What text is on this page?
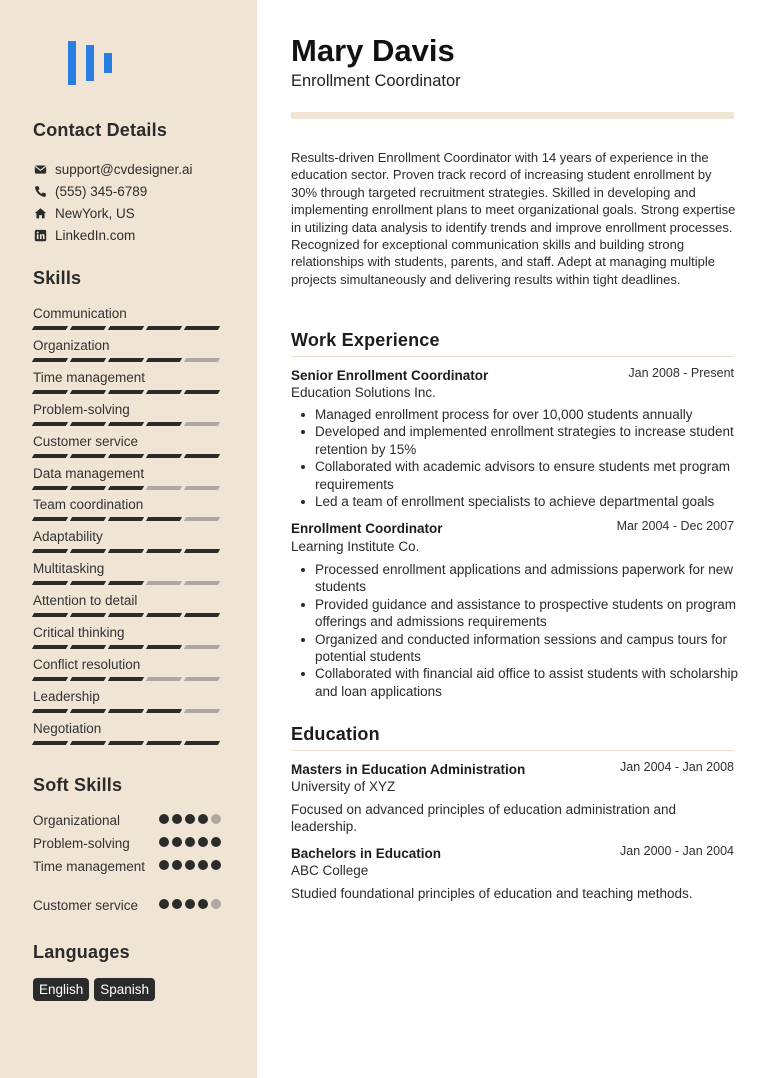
Contact Details
support@cvdesigner.ai
(555) 345-6789
NewYork, US
LinkedIn.com
Skills
Communication
Organization
Time management
Problem-solving
Customer service
Data management
Team coordination
Adaptability
Multitasking
Attention to detail
Critical thinking
Conflict resolution
Leadership
Negotiation
Soft Skills
Organizational
Problem-solving
Time management
Customer service
Languages
English	Spanish
Mary Davis
Enrollment Coordinator

Results-driven Enrollment Coordinator with 14 years of experience in the education sector. Proven track record of increasing student enrollment by 30% through targeted recruitment strategies. Skilled in developing and implementing enrollment plans to meet organizational goals. Strong expertise in utilizing data analysis to identify trends and improve enrollment processes. Recognized for exceptional communication skills and building strong relationships with students, parents, and staff. Adept at managing multiple projects simultaneously and delivering results within tight deadlines.

Work Experience
Senior Enrollment Coordinator	Jan 2008 - Present
Education Solutions Inc.
Managed enrollment process for over 10,000 students annually
Developed and implemented enrollment strategies to increase student retention by 15%
Collaborated with academic advisors to ensure students met program requirements
Led a team of enrollment specialists to achieve departmental goals
Enrollment Coordinator	Mar 2004 - Dec 2007
Learning Institute Co.
Processed enrollment applications and admissions paperwork for new students
Provided guidance and assistance to prospective students on program offerings and admissions requirements
Organized and conducted information sessions and campus tours for potential students
Collaborated with financial aid office to assist students with scholarship and loan applications
Education
Masters in Education Administration	Jan 2004 - Jan 2008
University of XYZ

Focused on advanced principles of education administration and leadership.

Bachelors in Education	Jan 2000 - Jan 2004
ABC College

Studied foundational principles of education and teaching methods.
